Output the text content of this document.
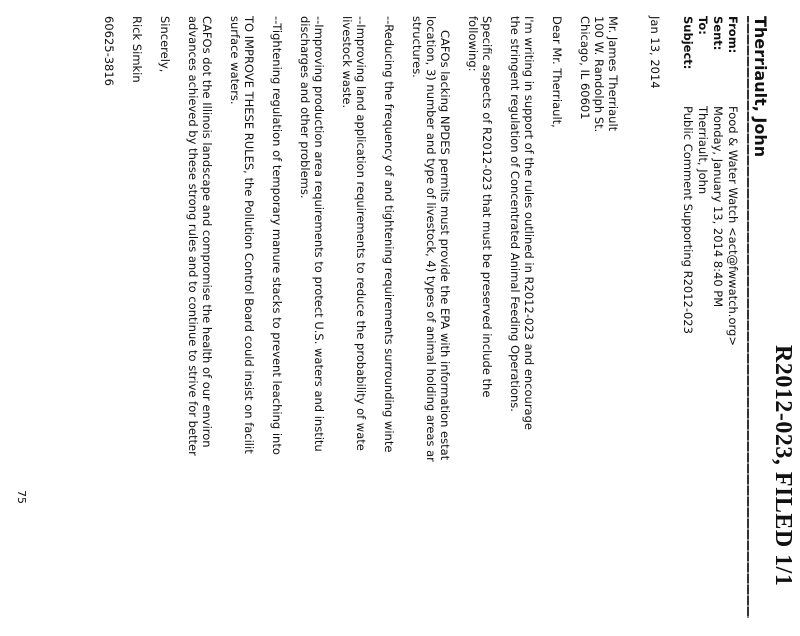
R2012-023, FILED 1/1
Therriault, John
From:
Food & Water Watch <act@fwwatch.org>
Sent:
Monday, January 13, 2014 8:40 PM
To:
Therriault, John
Subject:
Public Comment Supporting R2012-023
Jan 13, 2014
Mr. James Therriault
100 W. Randolph St.
Chicago, IL 60601
Dear Mr. Therriault,
I'm writing in support of the rules outlined in R2012-023 and encourage
the stringent regulation of Concentrated Animal Feeding Operations.
Specific aspects of R2012-023 that must be preserved include the
following:
CAFOs lacking NPDES permits must provide the EPA with information estat
location, 3) number and type of livestock, 4) types of animal holding areas ar
structures.
--Reducing the frequency of and tightening requirements surrounding winte
--Improving land application requirements to reduce the probability of wate
livestock waste.
--Improving production area requirements to protect U.S. waters and institu
discharges and other problems.
--Tightening regulation of temporary manure stacks to prevent leaching into
TO IMPROVE THESE RULES, the Pollution Control Board could insist on facilit
surface waters.
CAFOs dot the Illinois landscape and compromise the health of our environ
advances achieved by these strong rules and to continue to strive for better
Sincerely,
Rick Simkin
60625-3816
75
